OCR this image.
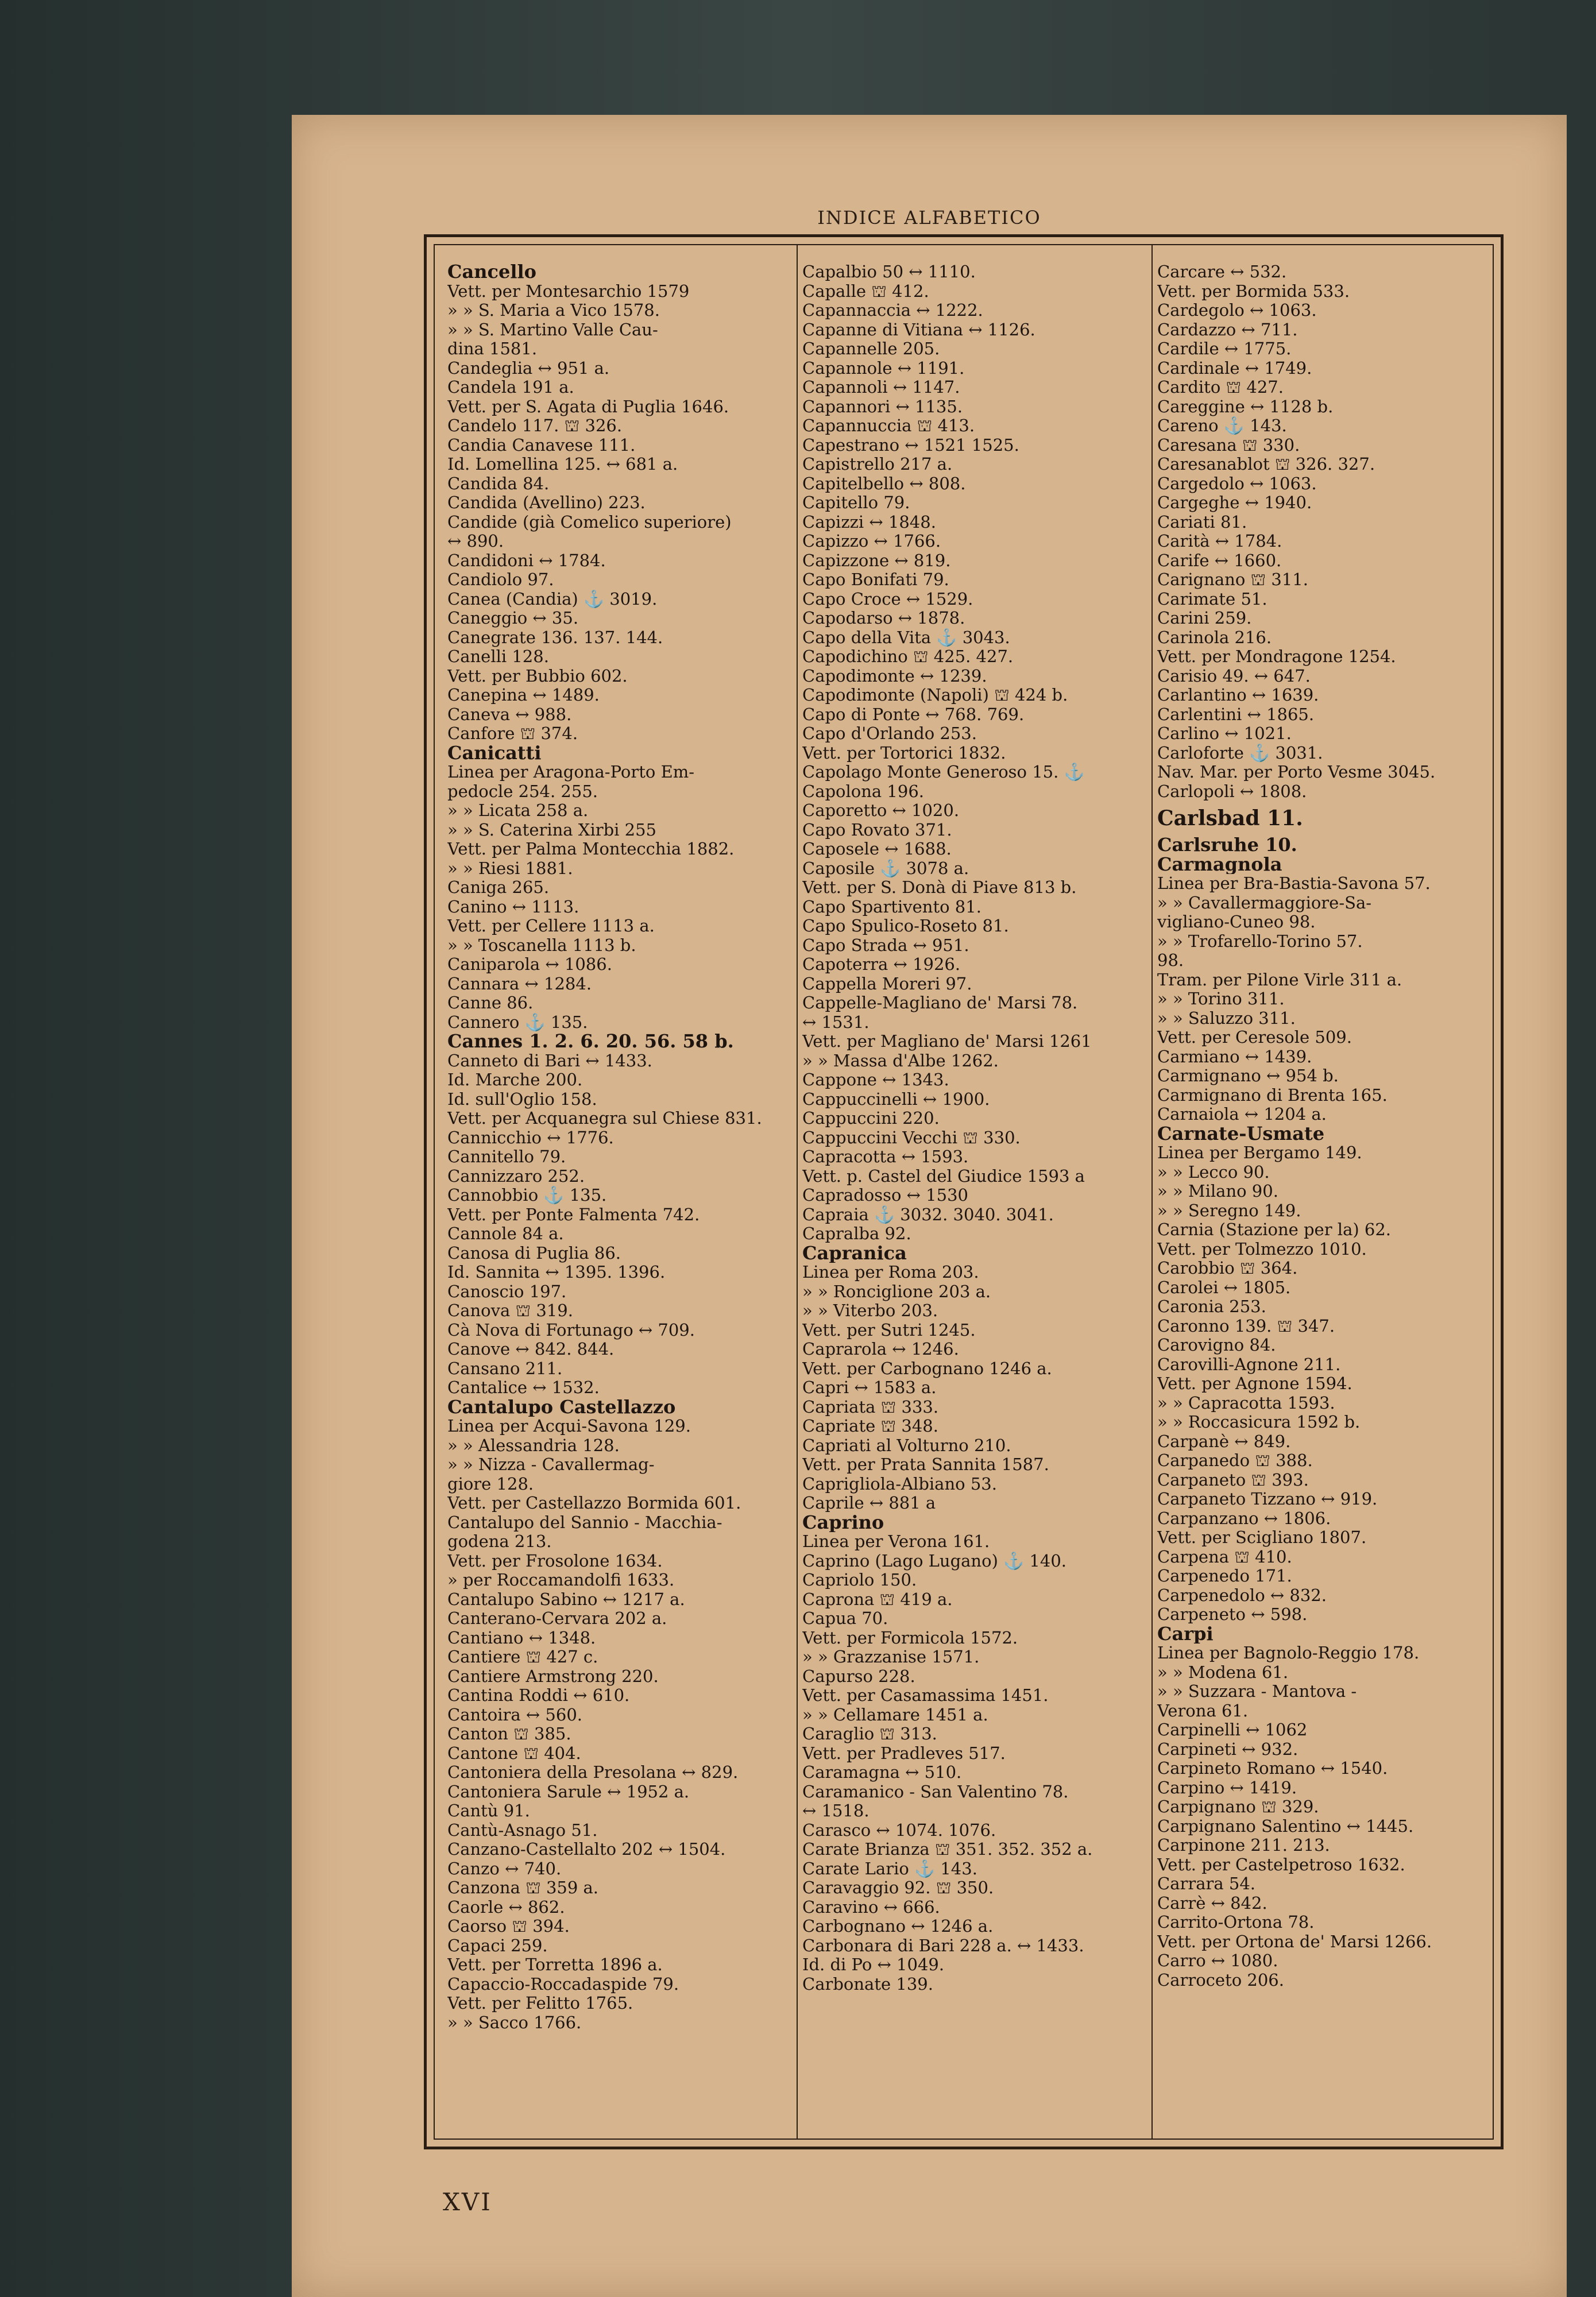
INDICE ALFABETICO
Cancello
Vett. per Montesarchio 1579
» » S. Maria a Vico 1578.
» » S. Martino Valle Cau-
dina 1581.
Candeglia ↔ 951 a.
Candela 191 a.
Vett. per S. Agata di Puglia 1646.
Candelo 117. ⛫ 326.
Candia Canavese 111.
Id. Lomellina 125. ↔ 681 a.
Candida 84.
Candida (Avellino) 223.
Candide (già Comelico superiore)
↔ 890.
Candidoni ↔ 1784.
Candiolo 97.
Canea (Candia) ⚓ 3019.
Caneggio ↔ 35.
Canegrate 136. 137. 144.
Canelli 128.
Vett. per Bubbio 602.
Canepina ↔ 1489.
Caneva ↔ 988.
Canfore ⛫ 374.
Canicatti
Linea per Aragona-Porto Em-
pedocle 254. 255.
» » Licata 258 a.
» » S. Caterina Xirbi 255
Vett. per Palma Montecchia 1882.
» » Riesi 1881.
Caniga 265.
Canino ↔ 1113.
Vett. per Cellere 1113 a.
» » Toscanella 1113 b.
Caniparola ↔ 1086.
Cannara ↔ 1284.
Canne 86.
Cannero ⚓ 135.
Cannes 1. 2. 6. 20. 56. 58 b.
Canneto di Bari ↔ 1433.
Id. Marche 200.
Id. sull'Oglio 158.
Vett. per Acquanegra sul Chiese 831.
Cannicchio ↔ 1776.
Cannitello 79.
Cannizzaro 252.
Cannobbio ⚓ 135.
Vett. per Ponte Falmenta 742.
Cannole 84 a.
Canosa di Puglia 86.
Id. Sannita ↔ 1395. 1396.
Canoscio 197.
Canova ⛫ 319.
Cà Nova di Fortunago ↔ 709.
Canove ↔ 842. 844.
Cansano 211.
Cantalice ↔ 1532.
Cantalupo Castellazzo
Linea per Acqui-Savona 129.
» » Alessandria 128.
» » Nizza - Cavallermag-
giore 128.
Vett. per Castellazzo Bormida 601.
Cantalupo del Sannio - Macchia-
godena 213.
Vett. per Frosolone 1634.
» per Roccamandolfi 1633.
Cantalupo Sabino ↔ 1217 a.
Canterano-Cervara 202 a.
Cantiano ↔ 1348.
Cantiere ⛫ 427 c.
Cantiere Armstrong 220.
Cantina Roddi ↔ 610.
Cantoira ↔ 560.
Canton ⛫ 385.
Cantone ⛫ 404.
Cantoniera della Presolana ↔ 829.
Cantoniera Sarule ↔ 1952 a.
Cantù 91.
Cantù-Asnago 51.
Canzano-Castellalto 202 ↔ 1504.
Canzo ↔ 740.
Canzona ⛫ 359 a.
Caorle ↔ 862.
Caorso ⛫ 394.
Capaci 259.
Vett. per Torretta 1896 a.
Capaccio-Roccadaspide 79.
Vett. per Felitto 1765.
» » Sacco 1766.
Capalbio 50 ↔ 1110.
Capalle ⛫ 412.
Capannaccia ↔ 1222.
Capanne di Vitiana ↔ 1126.
Capannelle 205.
Capannole ↔ 1191.
Capannoli ↔ 1147.
Capannori ↔ 1135.
Capannuccia ⛫ 413.
Capestrano ↔ 1521 1525.
Capistrello 217 a.
Capitelbello ↔ 808.
Capitello 79.
Capizzi ↔ 1848.
Capizzo ↔ 1766.
Capizzone ↔ 819.
Capo Bonifati 79.
Capo Croce ↔ 1529.
Capodarso ↔ 1878.
Capo della Vita ⚓ 3043.
Capodichino ⛫ 425. 427.
Capodimonte ↔ 1239.
Capodimonte (Napoli) ⛫ 424 b.
Capo di Ponte ↔ 768. 769.
Capo d'Orlando 253.
Vett. per Tortorici 1832.
Capolago Monte Generoso 15. ⚓
Capolona 196.
Caporetto ↔ 1020.
Capo Rovato 371.
Caposele ↔ 1688.
Caposile ⚓ 3078 a.
Vett. per S. Donà di Piave 813 b.
Capo Spartivento 81.
Capo Spulico-Roseto 81.
Capo Strada ↔ 951.
Capoterra ↔ 1926.
Cappella Moreri 97.
Cappelle-Magliano de' Marsi 78.
↔ 1531.
Vett. per Magliano de' Marsi 1261
» » Massa d'Albe 1262.
Cappone ↔ 1343.
Cappuccinelli ↔ 1900.
Cappuccini 220.
Cappuccini Vecchi ⛫ 330.
Capracotta ↔ 1593.
Vett. p. Castel del Giudice 1593 a
Capradosso ↔ 1530
Capraia ⚓ 3032. 3040. 3041.
Capralba 92.
Capranica
Linea per Roma 203.
» » Ronciglione 203 a.
» » Viterbo 203.
Vett. per Sutri 1245.
Caprarola ↔ 1246.
Vett. per Carbognano 1246 a.
Capri ↔ 1583 a.
Capriata ⛫ 333.
Capriate ⛫ 348.
Capriati al Volturno 210.
Vett. per Prata Sannita 1587.
Caprigliola-Albiano 53.
Caprile ↔ 881 a
Caprino
Linea per Verona 161.
Caprino (Lago Lugano) ⚓ 140.
Capriolo 150.
Caprona ⛫ 419 a.
Capua 70.
Vett. per Formicola 1572.
» » Grazzanise 1571.
Capurso 228.
Vett. per Casamassima 1451.
» » Cellamare 1451 a.
Caraglio ⛫ 313.
Vett. per Pradleves 517.
Caramagna ↔ 510.
Caramanico - San Valentino 78.
↔ 1518.
Carasco ↔ 1074. 1076.
Carate Brianza ⛫ 351. 352. 352 a.
Carate Lario ⚓ 143.
Caravaggio 92. ⛫ 350.
Caravino ↔ 666.
Carbognano ↔ 1246 a.
Carbonara di Bari 228 a. ↔ 1433.
Id. di Po ↔ 1049.
Carbonate 139.
Carcare ↔ 532.
Vett. per Bormida 533.
Cardegolo ↔ 1063.
Cardazzo ↔ 711.
Cardile ↔ 1775.
Cardinale ↔ 1749.
Cardito ⛫ 427.
Careggine ↔ 1128 b.
Careno ⚓ 143.
Caresana ⛫ 330.
Caresanablot ⛫ 326. 327.
Cargedolo ↔ 1063.
Cargeghe ↔ 1940.
Cariati 81.
Carità ↔ 1784.
Carife ↔ 1660.
Carignano ⛫ 311.
Carimate 51.
Carini 259.
Carinola 216.
Vett. per Mondragone 1254.
Carisio 49. ↔ 647.
Carlantino ↔ 1639.
Carlentini ↔ 1865.
Carlino ↔ 1021.
Carloforte ⚓ 3031.
Nav. Mar. per Porto Vesme 3045.
Carlopoli ↔ 1808.
Carlsbad 11.
Carlsruhe 10.
Carmagnola
Linea per Bra-Bastia-Savona 57.
» » Cavallermaggiore-Sa-
vigliano-Cuneo 98.
» » Trofarello-Torino 57.
98.
Tram. per Pilone Virle 311 a.
» » Torino 311.
» » Saluzzo 311.
Vett. per Ceresole 509.
Carmiano ↔ 1439.
Carmignano ↔ 954 b.
Carmignano di Brenta 165.
Carnaiola ↔ 1204 a.
Carnate-Usmate
Linea per Bergamo 149.
» » Lecco 90.
» » Milano 90.
» » Seregno 149.
Carnia (Stazione per la) 62.
Vett. per Tolmezzo 1010.
Carobbio ⛫ 364.
Carolei ↔ 1805.
Caronia 253.
Caronno 139. ⛫ 347.
Carovigno 84.
Carovilli-Agnone 211.
Vett. per Agnone 1594.
» » Capracotta 1593.
» » Roccasicura 1592 b.
Carpanè ↔ 849.
Carpanedo ⛫ 388.
Carpaneto ⛫ 393.
Carpaneto Tizzano ↔ 919.
Carpanzano ↔ 1806.
Vett. per Scigliano 1807.
Carpena ⛫ 410.
Carpenedo 171.
Carpenedolo ↔ 832.
Carpeneto ↔ 598.
Carpi
Linea per Bagnolo-Reggio 178.
» » Modena 61.
» » Suzzara - Mantova -
Verona 61.
Carpinelli ↔ 1062
Carpineti ↔ 932.
Carpineto Romano ↔ 1540.
Carpino ↔ 1419.
Carpignano ⛫ 329.
Carpignano Salentino ↔ 1445.
Carpinone 211. 213.
Vett. per Castelpetroso 1632.
Carrara 54.
Carrè ↔ 842.
Carrito-Ortona 78.
Vett. per Ortona de' Marsi 1266.
Carro ↔ 1080.
Carroceto 206.
XVI
